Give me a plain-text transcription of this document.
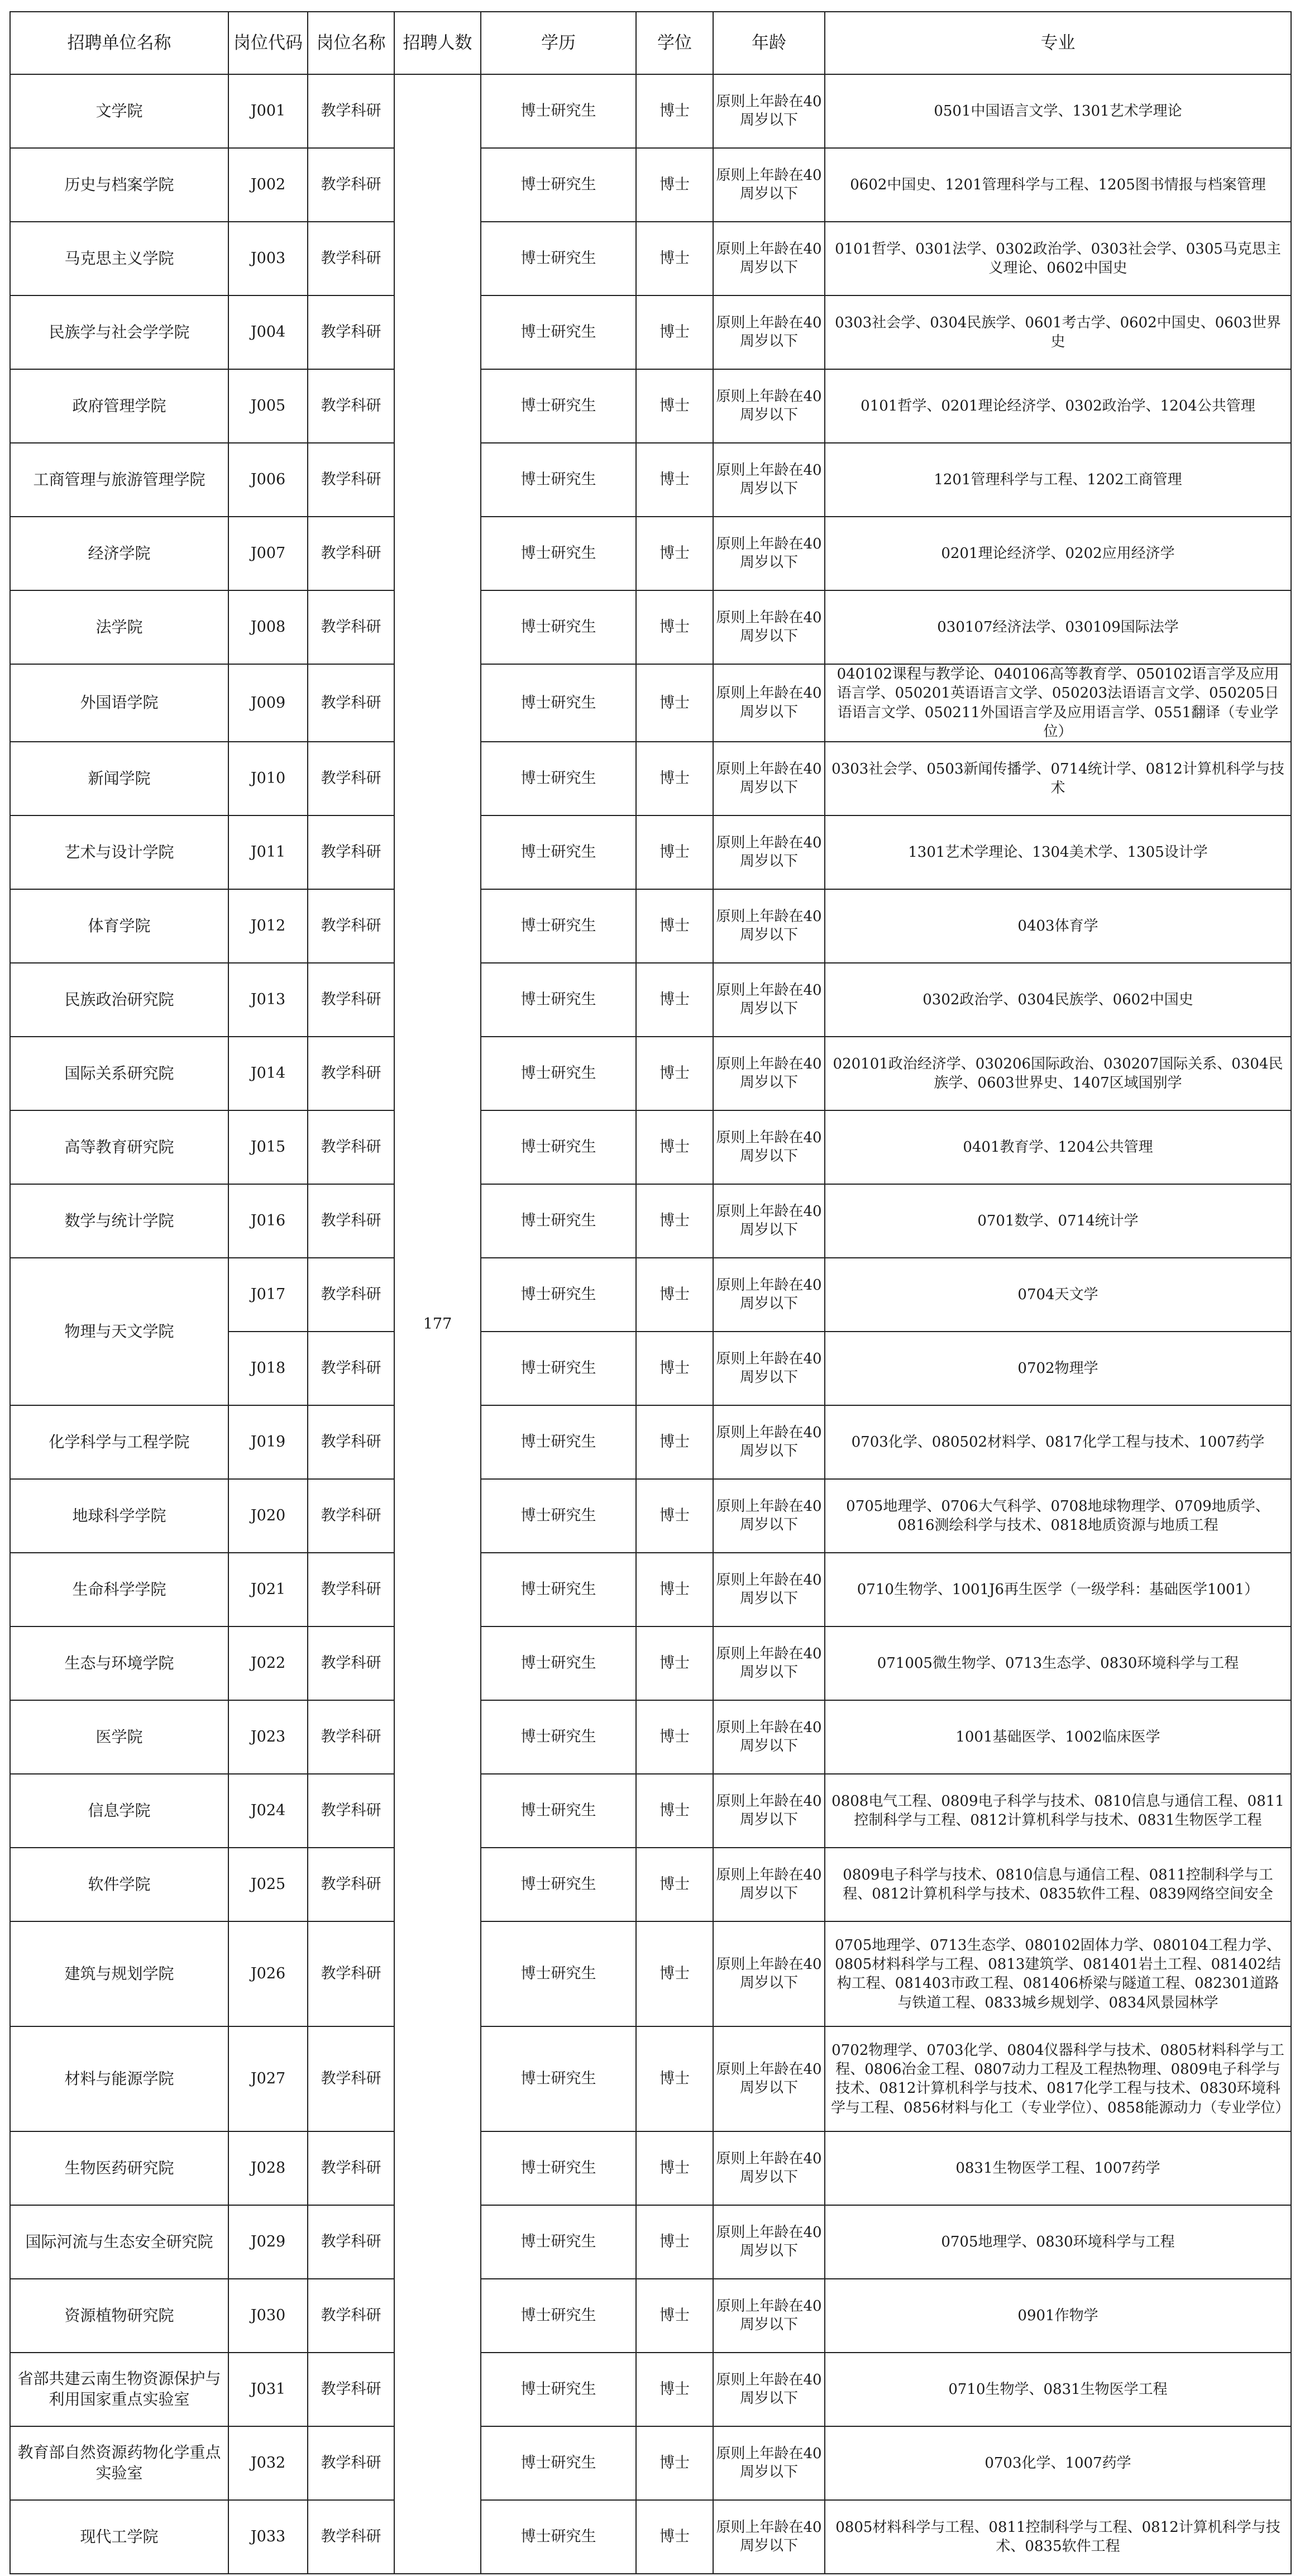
招聘单位名称	岗位代码	岗位名称	招聘人数	学历	学位	年龄	专业
文学院	J001	教学科研	177	博士研究生	博士	原则上年龄在40周岁以下	0501中国语言文学、1301艺术学理论
历史与档案学院	J002	教学科研		博士研究生	博士	原则上年龄在40周岁以下	0602中国史、1201管理科学与工程、1205图书情报与档案管理
马克思主义学院	J003	教学科研		博士研究生	博士	原则上年龄在40周岁以下	0101哲学、0301法学、0302政治学、0303社会学、0305马克思主义理论、0602中国史
民族学与社会学学院	J004	教学科研		博士研究生	博士	原则上年龄在40周岁以下	0303社会学、0304民族学、0601考古学、0602中国史、0603世界史
政府管理学院	J005	教学科研		博士研究生	博士	原则上年龄在40周岁以下	0101哲学、0201理论经济学、0302政治学、1204公共管理
工商管理与旅游管理学院	J006	教学科研		博士研究生	博士	原则上年龄在40周岁以下	1201管理科学与工程、1202工商管理
经济学院	J007	教学科研		博士研究生	博士	原则上年龄在40周岁以下	0201理论经济学、0202应用经济学
法学院	J008	教学科研		博士研究生	博士	原则上年龄在40周岁以下	030107经济法学、030109国际法学
外国语学院	J009	教学科研		博士研究生	博士	原则上年龄在40周岁以下	040102课程与教学论、040106高等教育学、050102语言学及应用语言学、050201英语语言文学、050203法语语言文学、050205日语语言文学、050211外国语言学及应用语言学、0551翻译（专业学位）
新闻学院	J010	教学科研		博士研究生	博士	原则上年龄在40周岁以下	0303社会学、0503新闻传播学、0714统计学、0812计算机科学与技术
艺术与设计学院	J011	教学科研		博士研究生	博士	原则上年龄在40周岁以下	1301艺术学理论、1304美术学、1305设计学
体育学院	J012	教学科研		博士研究生	博士	原则上年龄在40周岁以下	0403体育学
民族政治研究院	J013	教学科研		博士研究生	博士	原则上年龄在40周岁以下	0302政治学、0304民族学、0602中国史
国际关系研究院	J014	教学科研		博士研究生	博士	原则上年龄在40周岁以下	020101政治经济学、030206国际政治、030207国际关系、0304民族学、0603世界史、1407区域国别学
高等教育研究院	J015	教学科研		博士研究生	博士	原则上年龄在40周岁以下	0401教育学、1204公共管理
数学与统计学院	J016	教学科研		博士研究生	博士	原则上年龄在40周岁以下	0701数学、0714统计学
物理与天文学院	J017	教学科研		博士研究生	博士	原则上年龄在40周岁以下	0704天文学
	J018	教学科研		博士研究生	博士	原则上年龄在40周岁以下	0702物理学
化学科学与工程学院	J019	教学科研		博士研究生	博士	原则上年龄在40周岁以下	0703化学、080502材料学、0817化学工程与技术、1007药学
地球科学学院	J020	教学科研		博士研究生	博士	原则上年龄在40周岁以下	0705地理学、0706大气科学、0708地球物理学、0709地质学、0816测绘科学与技术、0818地质资源与地质工程
生命科学学院	J021	教学科研		博士研究生	博士	原则上年龄在40周岁以下	0710生物学、1001J6再生医学（一级学科：基础医学1001）
生态与环境学院	J022	教学科研		博士研究生	博士	原则上年龄在40周岁以下	071005微生物学、0713生态学、0830环境科学与工程
医学院	J023	教学科研		博士研究生	博士	原则上年龄在40周岁以下	1001基础医学、1002临床医学
信息学院	J024	教学科研		博士研究生	博士	原则上年龄在40周岁以下	0808电气工程、0809电子科学与技术、0810信息与通信工程、0811控制科学与工程、0812计算机科学与技术、0831生物医学工程
软件学院	J025	教学科研		博士研究生	博士	原则上年龄在40周岁以下	0809电子科学与技术、0810信息与通信工程、0811控制科学与工程、0812计算机科学与技术、0835软件工程、0839网络空间安全
建筑与规划学院	J026	教学科研		博士研究生	博士	原则上年龄在40周岁以下	0705地理学、0713生态学、080102固体力学、080104工程力学、0805材料科学与工程、0813建筑学、081401岩土工程、081402结构工程、081403市政工程、081406桥梁与隧道工程、082301道路与铁道工程、0833城乡规划学、0834风景园林学
材料与能源学院	J027	教学科研		博士研究生	博士	原则上年龄在40周岁以下	0702物理学、0703化学、0804仪器科学与技术、0805材料科学与工程、0806冶金工程、0807动力工程及工程热物理、0809电子科学与技术、0812计算机科学与技术、0817化学工程与技术、0830环境科学与工程、0856材料与化工（专业学位）、0858能源动力（专业学位）
生物医药研究院	J028	教学科研		博士研究生	博士	原则上年龄在40周岁以下	0831生物医学工程、1007药学
国际河流与生态安全研究院	J029	教学科研		博士研究生	博士	原则上年龄在40周岁以下	0705地理学、0830环境科学与工程
资源植物研究院	J030	教学科研		博士研究生	博士	原则上年龄在40周岁以下	0901作物学
省部共建云南生物资源保护与利用国家重点实验室	J031	教学科研		博士研究生	博士	原则上年龄在40周岁以下	0710生物学、0831生物医学工程
教育部自然资源药物化学重点实验室	J032	教学科研		博士研究生	博士	原则上年龄在40周岁以下	0703化学、1007药学
现代工学院	J033	教学科研		博士研究生	博士	原则上年龄在40周岁以下	0805材料科学与工程、0811控制科学与工程、0812计算机科学与技术、0835软件工程
